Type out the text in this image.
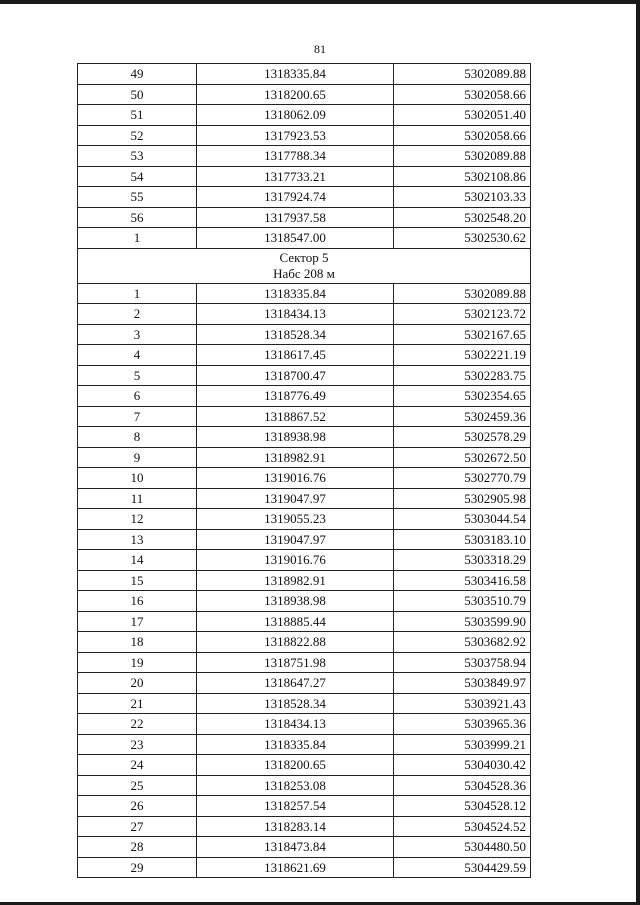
81
49	1318335.84	5302089.88
50	1318200.65	5302058.66
51	1318062.09	5302051.40
52	1317923.53	5302058.66
53	1317788.34	5302089.88
54	1317733.21	5302108.86
55	1317924.74	5302103.33
56	1317937.58	5302548.20
1	1318547.00	5302530.62

Сектор 5
Набс 208 м		

1	1318335.84	5302089.88
2	1318434.13	5302123.72
3	1318528.34	5302167.65
4	1318617.45	5302221.19
5	1318700.47	5302283.75
6	1318776.49	5302354.65
7	1318867.52	5302459.36
8	1318938.98	5302578.29
9	1318982.91	5302672.50
10	1319016.76	5302770.79
11	1319047.97	5302905.98
12	1319055.23	5303044.54
13	1319047.97	5303183.10
14	1319016.76	5303318.29
15	1318982.91	5303416.58
16	1318938.98	5303510.79
17	1318885.44	5303599.90
18	1318822.88	5303682.92
19	1318751.98	5303758.94
20	1318647.27	5303849.97
21	1318528.34	5303921.43
22	1318434.13	5303965.36
23	1318335.84	5303999.21
24	1318200.65	5304030.42
25	1318253.08	5304528.36
26	1318257.54	5304528.12
27	1318283.14	5304524.52
28	1318473.84	5304480.50
29	1318621.69	5304429.59
